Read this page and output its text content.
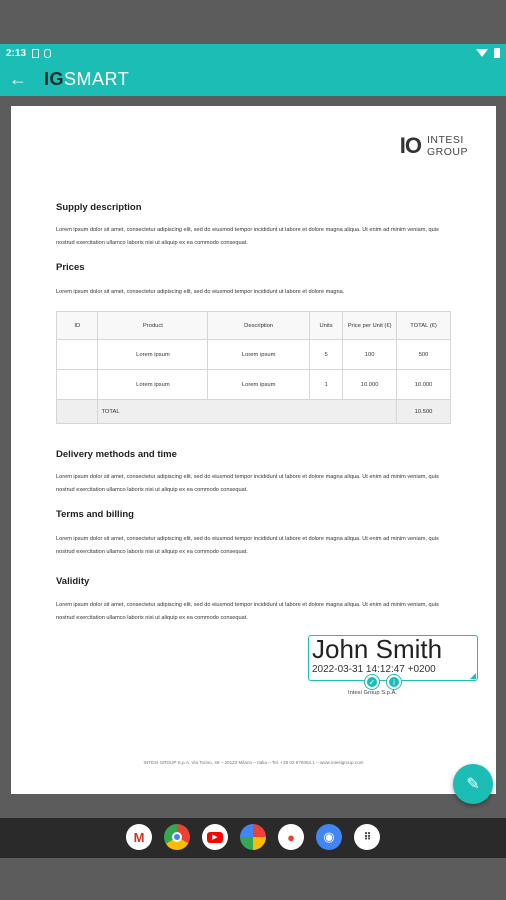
2:13
← IG SMART
IO INTESI
GROUP
Supply description
Lorem ipsum dolor sit amet, consectetur adipiscing elit, sed do eiusmod tempor incididunt ut labore et dolore magna aliqua. Ut enim ad minim veniam, quis nostrud exercitation ullamco laboris nisi ut aliquip ex ea commodo consequat.
Prices
Lorem ipsum dolor sit amet, consectetur adipiscing elit, sed do eiusmod tempor incididunt ut labore et dolore magna.
ID	Product	Description	Units	Price per Unit (€)	TOTAL (€)
	Lorem ipsum	Lorem ipsum	5	100	500
	Lorem ipsum	Lorem ipsum	1	10.000	10.000
	TOTAL				10.500
Delivery methods and time
Lorem ipsum dolor sit amet, consectetur adipiscing elit, sed do eiusmod tempor incididunt ut labore et dolore magna aliqua. Ut enim ad minim veniam, quis nostrud exercitation ullamco laboris nisi ut aliquip ex ea commodo consequat.
Terms and billing
Lorem ipsum dolor sit amet, consectetur adipiscing elit, sed do eiusmod tempor incididunt ut labore et dolore magna aliqua. Ut enim ad minim veniam, quis nostrud exercitation ullamco laboris nisi ut aliquip ex ea commodo consequat.
Validity
Lorem ipsum dolor sit amet, consectetur adipiscing elit, sed do eiusmod tempor incididunt ut labore et dolore magna aliqua. Ut enim ad minim veniam, quis nostrud exercitation ullamco laboris nisi ut aliquip ex ea commodo consequat.
John Smith
2022-03-31 14:12:47 +0200
✓	i
Intesi Group S.p.A.
INTESI GROUP S.p.A. Via Torino, 48 – 20123 Milano – Italia – Tel. +39 02 676064.1 – www.intesigroup.com
✎
M	▶	●	◉	⠿
